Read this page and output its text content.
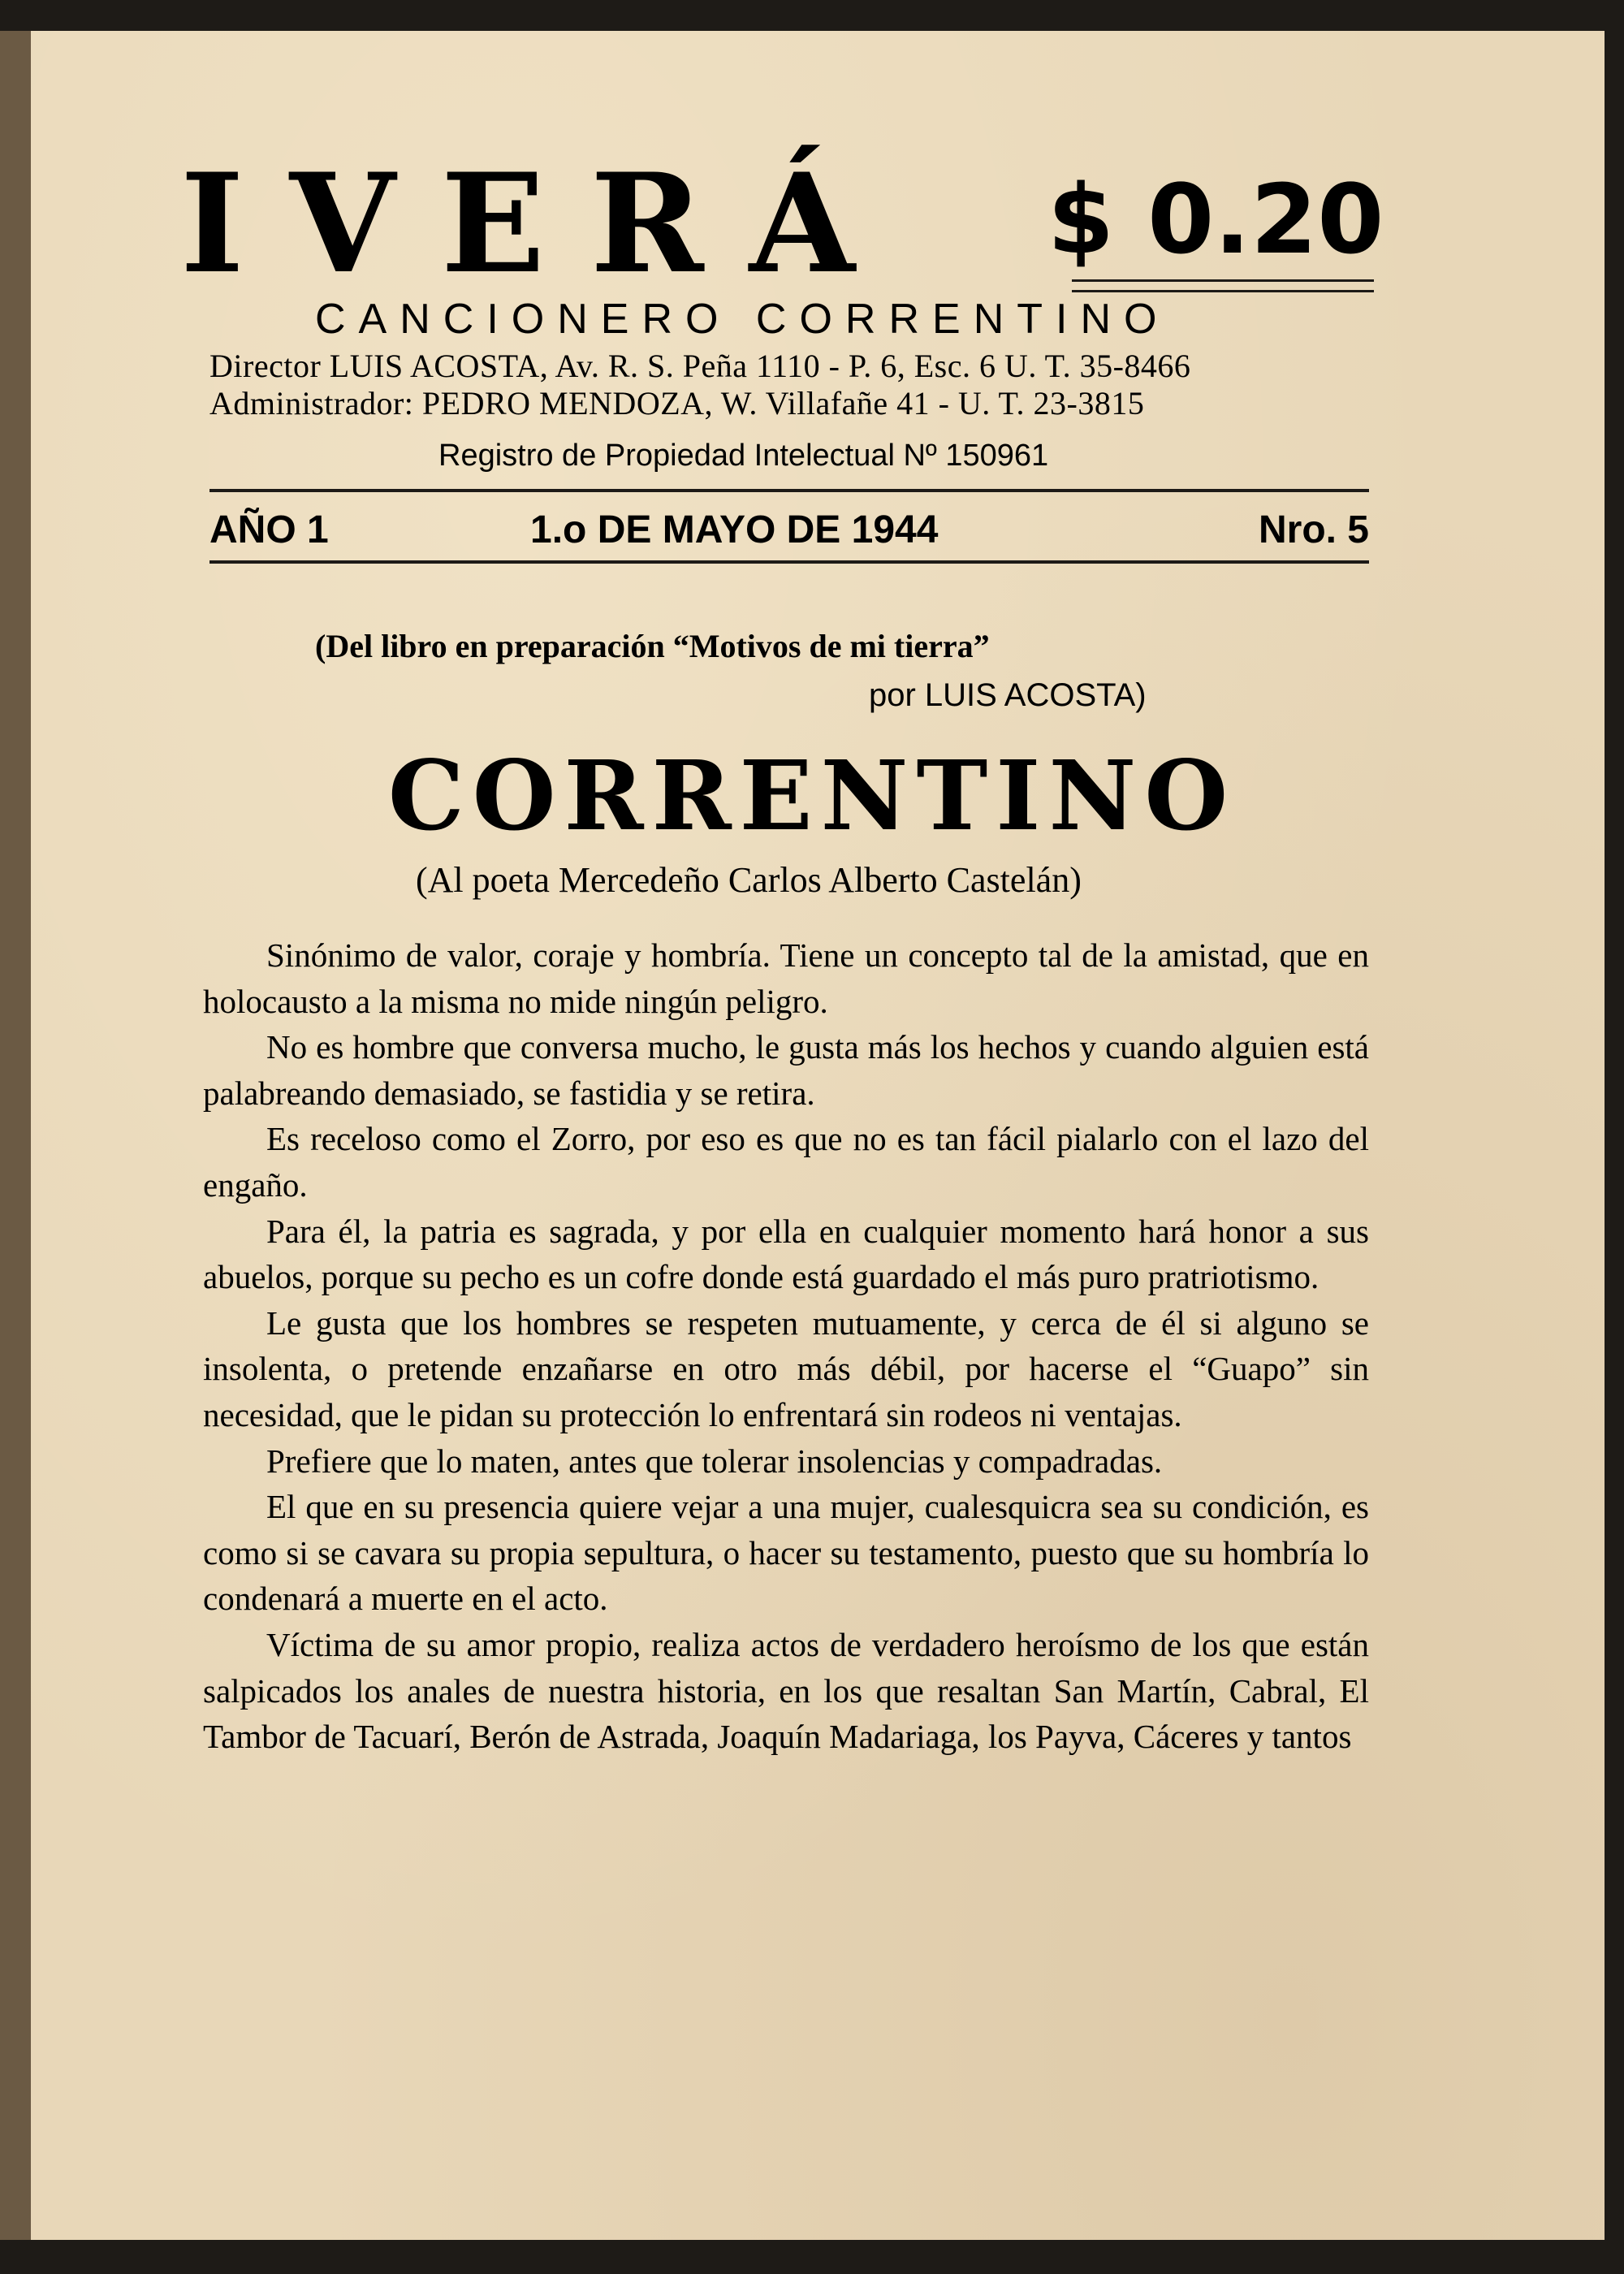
IVERÁ $ 0.20
CANCIONERO CORRENTINO
Director LUIS ACOSTA, Av. R. S. Peña 1110 - P. 6, Esc. 6 U. T. 35-8466
Administrador: PEDRO MENDOZA, W. Villafañe 41 - U. T. 23-3815
Registro de Propiedad Intelectual Nº 150961
AÑO 1	1.o DE MAYO DE 1944	Nro. 5
(Del libro en preparación “Motivos de mi tierra”
por LUIS ACOSTA)
CORRENTINO
(Al poeta Mercedeño Carlos Alberto Castelán)

Sinónimo de valor, coraje y hombría. Tiene un concepto tal de la amistad, que en holocausto a la misma no mide ningún peligro.

No es hombre que conversa mucho, le gusta más los hechos y cuando alguien está palabreando demasiado, se fastidia y se retira.

Es receloso como el Zorro, por eso es que no es tan fácil pialarlo con el lazo del engaño.

Para él, la patria es sagrada, y por ella en cualquier momento hará honor a sus abuelos, porque su pecho es un cofre donde está guardado el más puro pratriotismo.

Le gusta que los hombres se respeten mutuamente, y cerca de él si alguno se insolenta, o pretende enzañarse en otro más débil, por hacerse el “Guapo” sin necesidad, que le pidan su protección lo enfrentará sin rodeos ni ventajas.

Prefiere que lo maten, antes que tolerar insolencias y compadradas.

El que en su presencia quiere vejar a una mujer, cualesquicra sea su condición, es como si se cavara su propia sepultura, o hacer su testamento, puesto que su hombría lo condenará a muerte en el acto.

Víctima de su amor propio, realiza actos de verdadero heroísmo de los que están salpicados los anales de nuestra historia, en los que resaltan San Martín, Cabral, El Tambor de Tacuarí, Berón de Astrada, Joaquín Madariaga, los Payva, Cáceres y tantos
